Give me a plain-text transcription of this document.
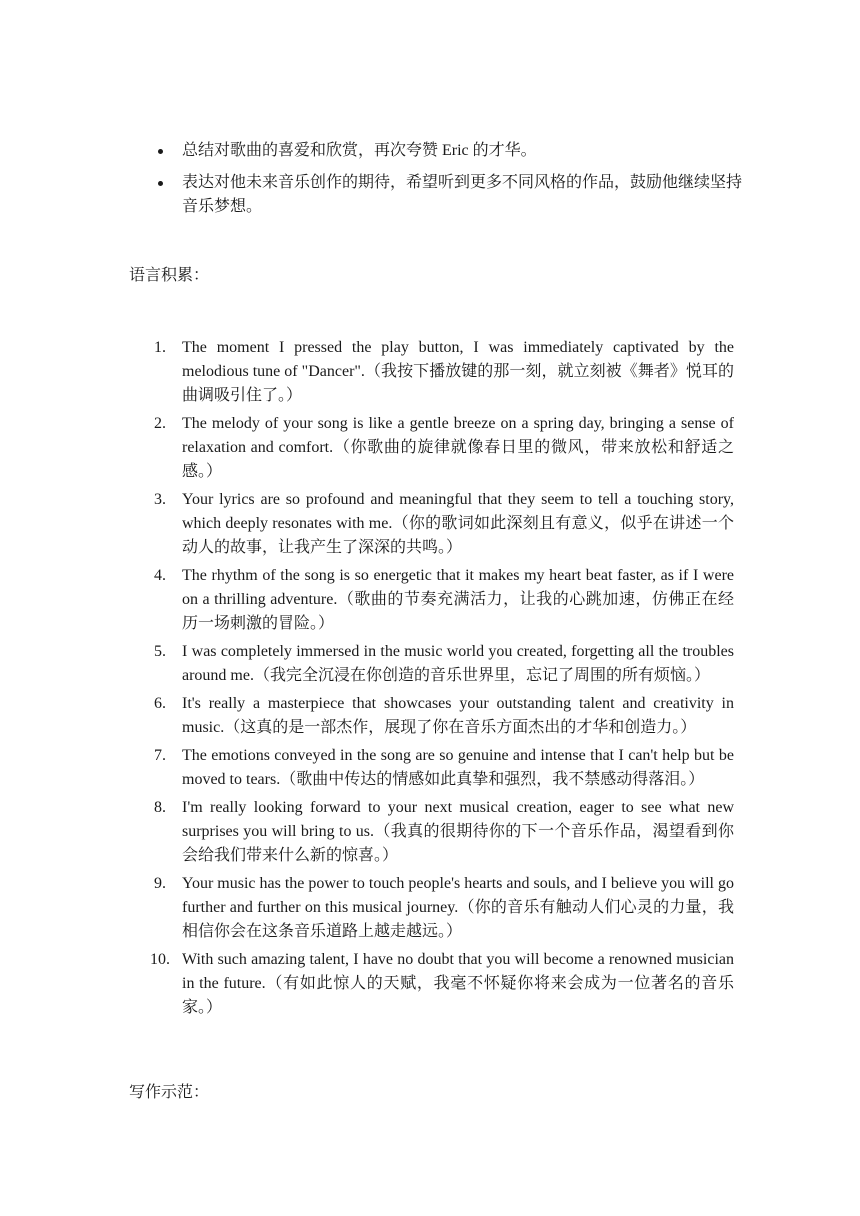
总结对歌曲的喜爱和欣赏，再次夸赞 Eric 的才华。
表达对他未来音乐创作的期待，希望听到更多不同风格的作品，鼓励他继续坚持音乐梦想。
语言积累：
1.	The moment I pressed the play button, I was immediately captivated by the melodious tune of "Dancer".（我按下播放键的那一刻，就立刻被《舞者》悦耳的曲调吸引住了。）
2.	The melody of your song is like a gentle breeze on a spring day, bringing a sense of relaxation and comfort.（你歌曲的旋律就像春日里的微风，带来放松和舒适之感。）
3.	Your lyrics are so profound and meaningful that they seem to tell a touching story, which deeply resonates with me.（你的歌词如此深刻且有意义，似乎在讲述一个动人的故事，让我产生了深深的共鸣。）
4.	The rhythm of the song is so energetic that it makes my heart beat faster, as if I were on a thrilling adventure.（歌曲的节奏充满活力，让我的心跳加速，仿佛正在经历一场刺激的冒险。）
5.	I was completely immersed in the music world you created, forgetting all the troubles around me.（我完全沉浸在你创造的音乐世界里，忘记了周围的所有烦恼。）
6.	It's really a masterpiece that showcases your outstanding talent and creativity in music.（这真的是一部杰作，展现了你在音乐方面杰出的才华和创造力。）
7.	The emotions conveyed in the song are so genuine and intense that I can't help but be moved to tears.（歌曲中传达的情感如此真挚和强烈，我不禁感动得落泪。）
8.	I'm really looking forward to your next musical creation, eager to see what new surprises you will bring to us.（我真的很期待你的下一个音乐作品，渴望看到你会给我们带来什么新的惊喜。）
9.	Your music has the power to touch people's hearts and souls, and I believe you will go further and further on this musical journey.（你的音乐有触动人们心灵的力量，我相信你会在这条音乐道路上越走越远。）
10. With such amazing talent, I have no doubt that you will become a renowned musician in the future.（有如此惊人的天赋，我毫不怀疑你将来会成为一位著名的音乐家。）
写作示范：
